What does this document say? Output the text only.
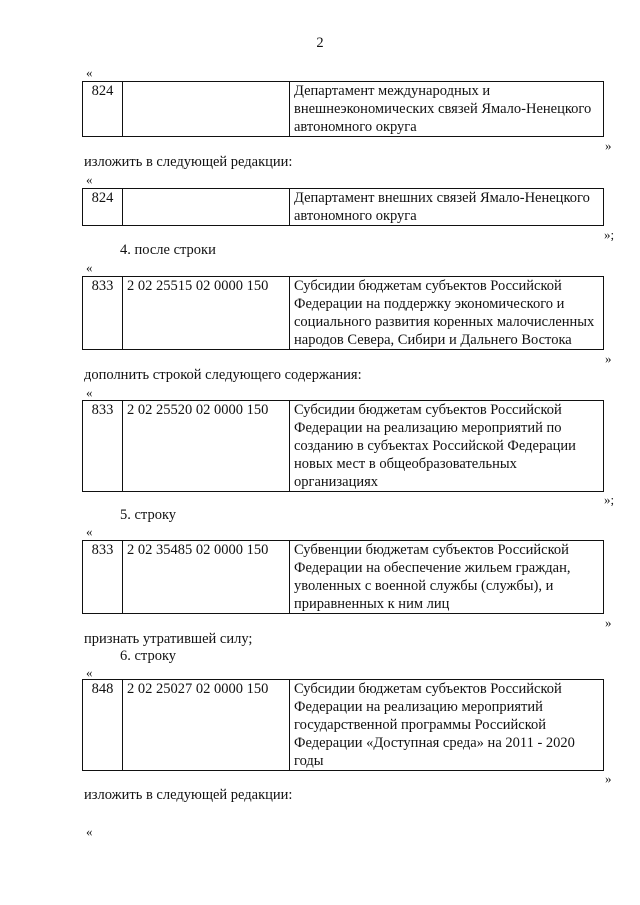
2
«
824		Департамент международных и
внешнеэкономических связей Ямало-Ненецкого
автономного округа
»
изложить в следующей редакции:
«
824		Департамент внешних связей Ямало-Ненецкого
автономного округа
»;
4. после строки
«
833	2 02 25515 02 0000 150	Субсидии бюджетам субъектов Российской
Федерации на поддержку экономического и
социального развития коренных малочисленных
народов Севера, Сибири и Дальнего Востока
»
дополнить строкой следующего содержания:
«
833	2 02 25520 02 0000 150	Субсидии бюджетам субъектов Российской
Федерации на реализацию мероприятий по
созданию в субъектах Российской Федерации
новых мест в общеобразовательных
организациях
»;
5. строку
«
833	2 02 35485 02 0000 150	Субвенции бюджетам субъектов Российской
Федерации на обеспечение жильем граждан,
уволенных с военной службы (службы), и
приравненных к ним лиц
»
признать утратившей силу;
6. строку
«
848	2 02 25027 02 0000 150	Субсидии бюджетам субъектов Российской
Федерации на реализацию мероприятий
государственной программы Российской
Федерации «Доступная среда» на 2011 - 2020
годы
»
изложить в следующей редакции:
«
